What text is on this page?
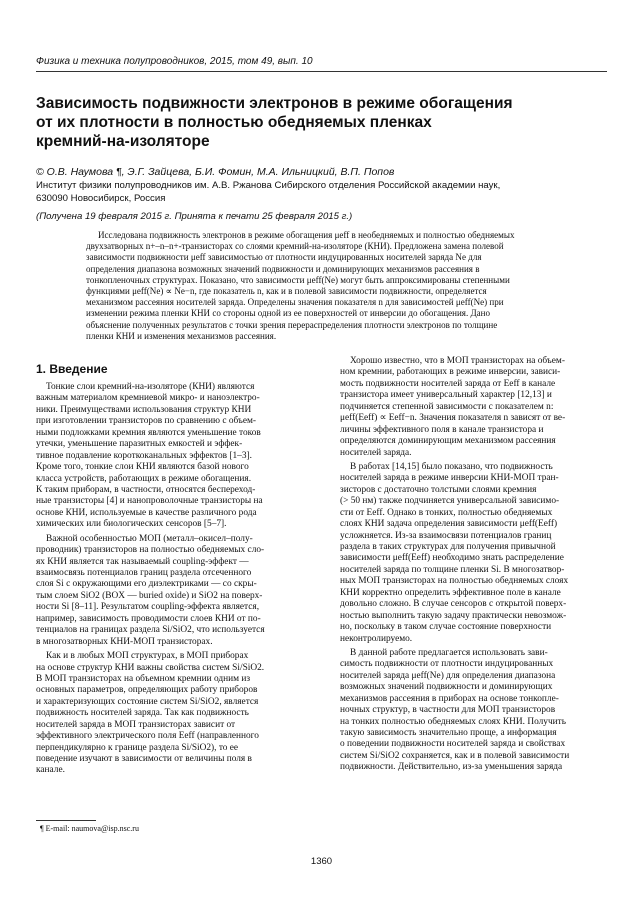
Физика и техника полупроводников, 2015, том 49, вып. 10
Зависимость подвижности электронов в режиме обогащения
от их плотности в полностью обедняемых пленках
кремний-на-изоляторе
© О.В. Наумова ¶, Э.Г. Зайцева, Б.И. Фомин, М.А. Ильницкий, В.П. Попов
Институт физики полупроводников им. А.В. Ржанова Сибирского отделения Российской академии наук,
630090 Новосибирск, Россия
(Получена 19 февраля 2015 г. Принята к печати 25 февраля 2015 г.)
Исследована подвижность электронов в режиме обогащения μeff в необедняемых и полностью обедняемых
двухзатворных n+–n–n+-транзисторах со слоями кремний-на-изоляторе (КНИ). Предложена замена полевой
зависимости подвижности μeff зависимостью от плотности индуцированных носителей заряда Ne для
определения диапазона возможных значений подвижности и доминирующих механизмов рассеяния в
тонкопленочных структурах. Показано, что зависимости μeff(Ne) могут быть аппроксимированы степенными
функциями μeff(Ne) ∝ Ne−n, где показатель n, как и в полевой зависимости подвижности, определяется
механизмом рассеяния носителей заряда. Определены значения показателя n для зависимостей μeff(Ne) при
изменении режима пленки КНИ со стороны одной из ее поверхностей от инверсии до обогащения. Дано
объяснение полученных результатов с точки зрения перераспределения плотности электронов по толщине
пленки КНИ и изменения механизмов рассеяния.
1. Введение
Тонкие слои кремний-на-изоляторе (КНИ) являются
важным материалом кремниевой микро- и наноэлектро-
ники. Преимуществами использования структур КНИ
при изготовлении транзисторов по сравнению с объем-
ными подложками кремния являются уменьшение токов
утечки, уменьшение паразитных емкостей и эффек-
тивное подавление короткоканальных эффектов [1–3].
Кроме того, тонкие слои КНИ являются базой нового
класса устройств, работающих в режиме обогащения.
К таким приборам, в частности, относятся беспереход-
ные транзисторы [4] и нанопроволочные транзисторы на
основе КНИ, используемые в качестве различного рода
химических или биологических сенсоров [5–7].
Важной особенностью МОП (металл–окисел–полу-
проводник) транзисторов на полностью обедняемых сло-
ях КНИ является так называемый coupling-эффект —
взаимосвязь потенциалов границ раздела отсеченного
слоя Si с окружающими его диэлектриками — со скры-
тым слоем SiO2 (BOX — buried oxide) и SiO2 на поверх-
ности Si [8–11]. Результатом coupling-эффекта является,
например, зависимость проводимости слоев КНИ от по-
тенциалов на границах раздела Si/SiO2, что используется
в многозатворных КНИ-МОП транзисторах.
Как и в любых МОП структурах, в МОП приборах
на основе структур КНИ важны свойства систем Si/SiO2.
В МОП транзисторах на объемном кремнии одним из
основных параметров, определяющих работу приборов
и характеризующих состояние систем Si/SiO2, является
подвижность носителей заряда. Так как подвижность
носителей заряда в МОП транзисторах зависит от
эффективного электрического поля Eeff (направленного
перпендикулярно к границе раздела Si/SiO2), то ее
поведение изучают в зависимости от величины поля в
канале.
Хорошо известно, что в МОП транзисторах на объем-
ном кремнии, работающих в режиме инверсии, зависи-
мость подвижности носителей заряда от Eeff в канале
транзистора имеет универсальный характер [12,13] и
подчиняется степенной зависимости с показателем n:
μeff(Eeff) ∝ Eeff−n. Значения показателя n зависят от ве-
личины эффективного поля в канале транзистора и
определяются доминирующим механизмом рассеяния
носителей заряда.
В работах [14,15] было показано, что подвижность
носителей заряда в режиме инверсии КНИ-МОП тран-
зисторов с достаточно толстыми слоями кремния
(> 50 нм) также подчиняется универсальной зависимо-
сти от Eeff. Однако в тонких, полностью обедняемых
слоях КНИ задача определения зависимости μeff(Eeff)
усложняется. Из-за взаимосвязи потенциалов границ
раздела в таких структурах для получения привычной
зависимости μeff(Eeff) необходимо знать распределение
носителей заряда по толщине пленки Si. В многозатвор-
ных МОП транзисторах на полностью обедняемых слоях
КНИ корректно определить эффективное поле в канале
довольно сложно. В случае сенсоров с открытой поверх-
ностью выполнить такую задачу практически невозмож-
но, поскольку в таком случае состояние поверхности
неконтролируемо.
В данной работе предлагается использовать зави-
симость подвижности от плотности индуцированных
носителей заряда μeff(Ne) для определения диапазона
возможных значений подвижности и доминирующих
механизмов рассеяния в приборах на основе тонкопле-
ночных структур, в частности для МОП транзисторов
на тонких полностью обедняемых слоях КНИ. Получить
такую зависимость значительно проще, а информация
о поведении подвижности носителей заряда и свойствах
систем Si/SiO2 сохраняется, как и в полевой зависимости
подвижности. Действительно, из-за уменьшения заряда
¶ E-mail: naumova@isp.nsc.ru
1360
